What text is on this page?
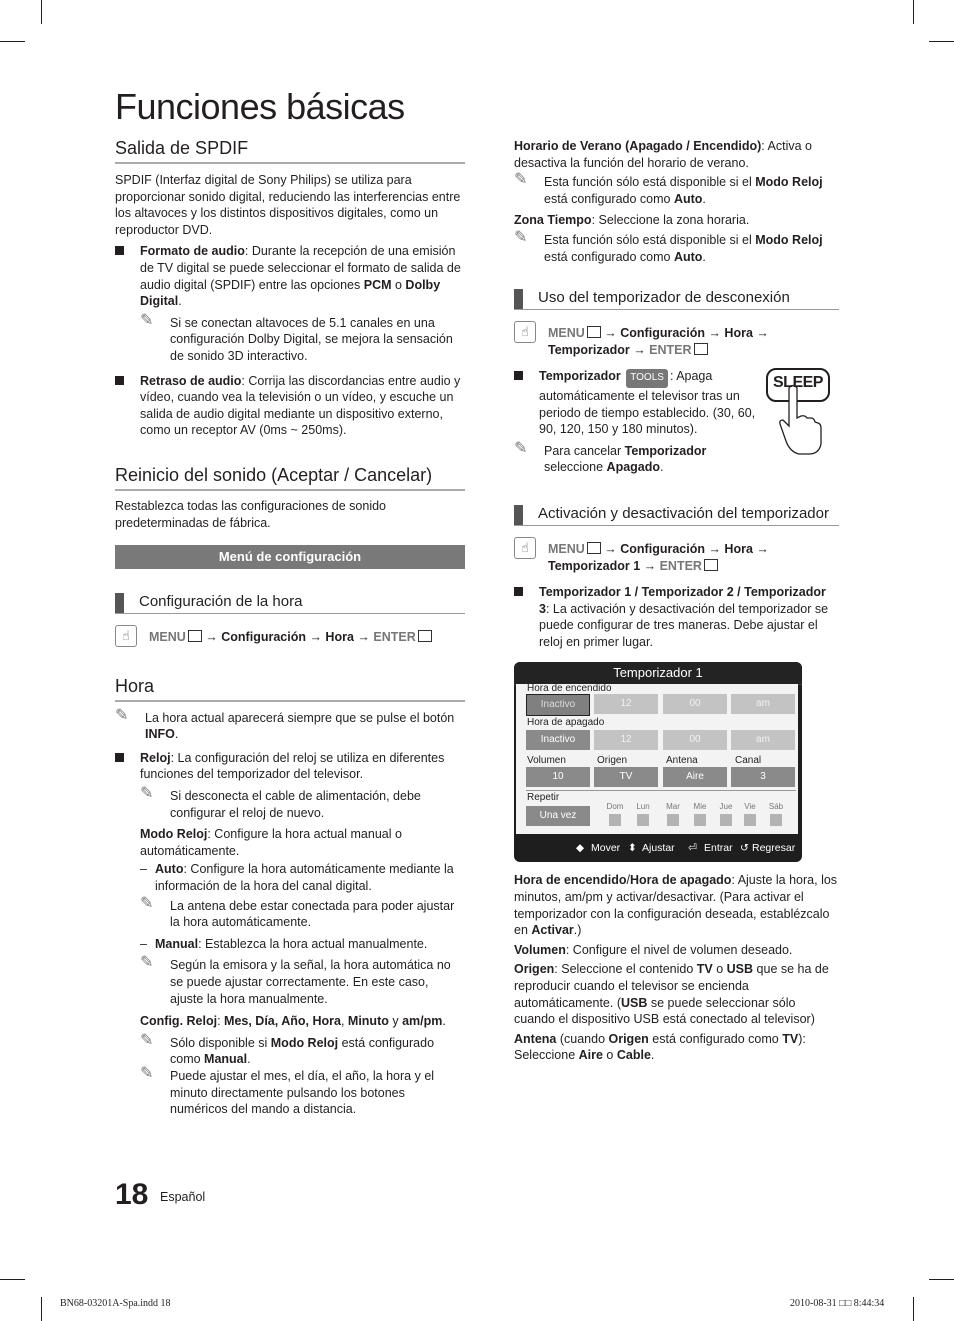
Funciones básicas
Salida de SPDIF

SPDIF (Interfaz digital de Sony Philips) se utiliza para proporcionar sonido digital, reduciendo las interferencias entre los altavoces y los distintos dispositivos digitales, como un reproductor DVD.

Formato de audio: Durante la recepción de una emisión de TV digital se puede seleccionar el formato de salida de audio digital (SPDIF) entre las opciones PCM o Dolby Digital.
✎ Si se conectan altavoces de 5.1 canales en una configuración Dolby Digital, se mejora la sensación de sonido 3D interactivo.
Retraso de audio: Corrija las discordancias entre audio y vídeo, cuando vea la televisión o un vídeo, y escuche un salida de audio digital mediante un dispositivo externo, como un receptor AV (0ms ~ 250ms).
Reinicio del sonido (Aceptar / Cancelar)

Restablezca todas las configuraciones de sonido predeterminadas de fábrica.

Menú de configuración
Configuración de la hora
☝	MENU → Configuración → Hora → ENTER
Hora
✎ La hora actual aparecerá siempre que se pulse el botón INFO.
Reloj: La configuración del reloj se utiliza en diferentes funciones del temporizador del televisor.
✎ Si desconecta el cable de alimentación, debe configurar el reloj de nuevo.

Modo Reloj: Configure la hora actual manual o automáticamente.

– Auto: Configure la hora automáticamente mediante la información de la hora del canal digital.
✎ La antena debe estar conectada para poder ajustar la hora automáticamente.
– Manual: Establezca la hora actual manualmente.
✎ Según la emisora y la señal, la hora automática no se puede ajustar correctamente. En este caso, ajuste la hora manualmente.

Config. Reloj: Mes, Día, Año, Hora, Minuto y am/pm.

✎ Sólo disponible si Modo Reloj está configurado como Manual.
✎ Puede ajustar el mes, el día, el año, la hora y el minuto directamente pulsando los botones numéricos del mando a distancia.

Horario de Verano (Apagado / Encendido): Activa o desactiva la función del horario de verano.

✎ Esta función sólo está disponible si el Modo Reloj está configurado como Auto.

Zona Tiempo: Seleccione la zona horaria.

✎ Esta función sólo está disponible si el Modo Reloj está configurado como Auto.
Uso del temporizador de desconexión
☝	MENU → Configuración → Hora → Temporizador → ENTER
Temporizador TOOLS : Apaga automáticamente el televisor tras un periodo de tiempo establecido. (30, 60, 90, 120, 150 y 180 minutos).
✎ Para cancelar Temporizador seleccione Apagado.
SLEEP
Activación y desactivación del temporizador
☝	MENU → Configuración → Hora → Temporizador 1 → ENTER
Temporizador 1 / Temporizador 2 / Temporizador 3: La activación y desactivación del temporizador se puede configurar de tres maneras. Debe ajustar el reloj en primer lugar.
Temporizador 1
Hora de encendido
Inactivo	12	00	am
Hora de apagado
Inactivo	12	00	am
Volumen	Origen	Antena	Canal
10	TV	Aire	3
Repetir
Una vez
Dom	Lun	Mar	Mie	Jue	Vie	Sáb
◆ Mover ⬍ Ajustar ⏎ Entrar ↺ Regresar

Hora de encendido/Hora de apagado: Ajuste la hora, los minutos, am/pm y activar/desactivar. (Para activar el temporizador con la configuración deseada, establézcalo en Activar.)

Volumen: Configure el nivel de volumen deseado.

Origen: Seleccione el contenido TV o USB que se ha de reproducir cuando el televisor se encienda automáticamente. (USB se puede seleccionar sólo cuando el dispositivo USB está conectado al televisor)

Antena (cuando Origen está configurado como TV): Seleccione Aire o Cable.

18 Español
BN68-03201A-Spa.indd 18	2010-08-31 □□ 8:44:34
